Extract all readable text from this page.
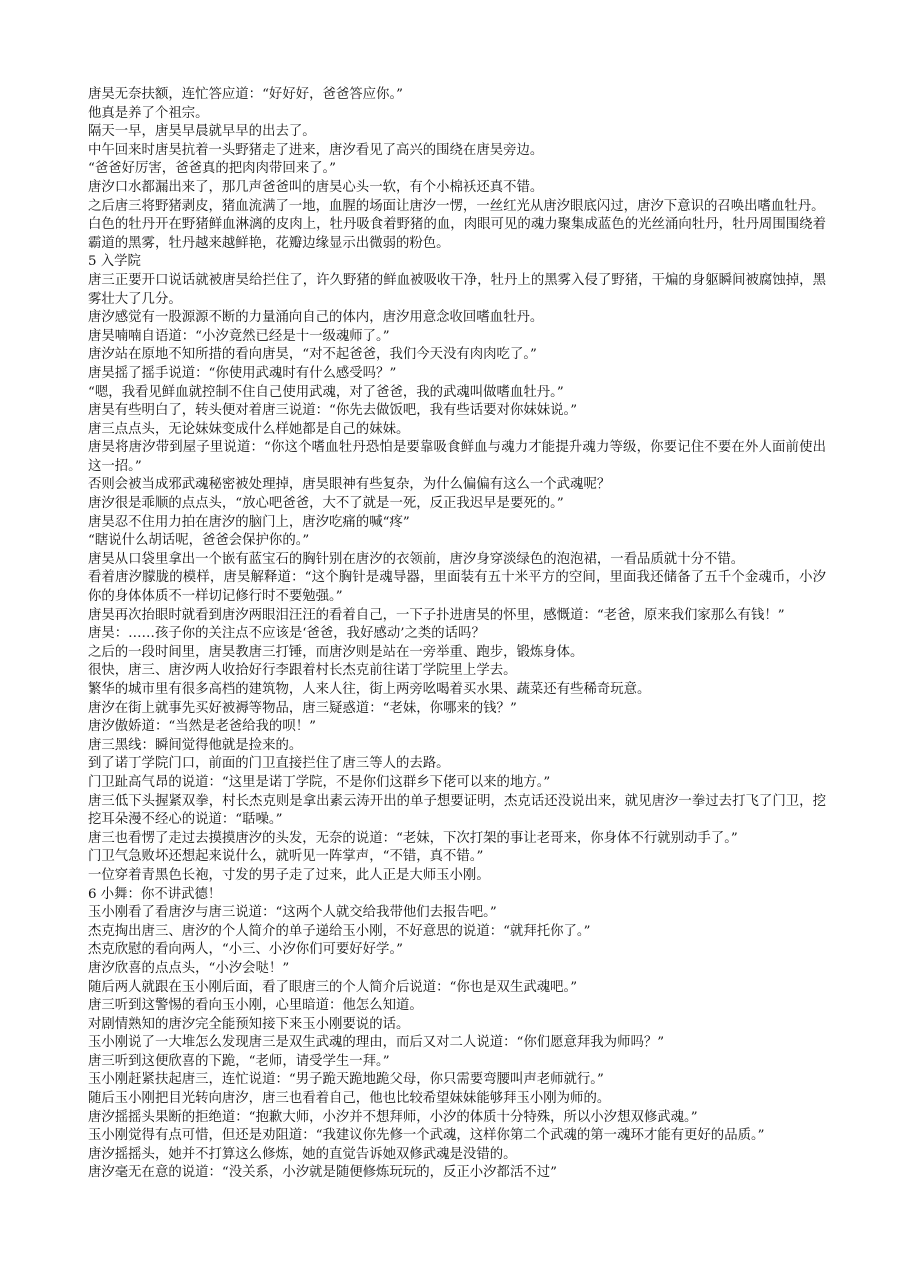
唐昊无奈扶额，连忙答应道：“好好好，爸爸答应你。”

他真是养了个祖宗。

隔天一早，唐昊早晨就早早的出去了。

中午回来时唐昊抗着一头野猪走了进来，唐汐看见了高兴的围绕在唐昊旁边。

“爸爸好厉害，爸爸真的把肉肉带回来了。”

唐汐口水都漏出来了，那几声爸爸叫的唐昊心头一软，有个小棉袄还真不错。

之后唐三将野猪剥皮，猪血流满了一地，血腥的场面让唐汐一愣，一丝红光从唐汐眼底闪过，唐汐下意识的召唤出嗜血牡丹。

白色的牡丹开在野猪鲜血淋漓的皮肉上，牡丹吸食着野猪的血，肉眼可见的魂力聚集成蓝色的光丝涌向牡丹，牡丹周围围绕着霸道的黑雾，牡丹越来越鲜艳，花瓣边缘显示出微弱的粉色。

5 入学院

唐三正要开口说话就被唐昊给拦住了，许久野猪的鲜血被吸收干净，牡丹上的黑雾入侵了野猪，干煸的身躯瞬间被腐蚀掉，黑雾壮大了几分。

唐汐感觉有一股源源不断的力量涌向自己的体内，唐汐用意念收回嗜血牡丹。

唐昊喃喃自语道：“小汐竟然已经是十一级魂师了。”

唐汐站在原地不知所措的看向唐昊，“对不起爸爸，我们今天没有肉肉吃了。”

唐昊摇了摇手说道：“你使用武魂时有什么感受吗？”

“嗯，我看见鲜血就控制不住自己使用武魂，对了爸爸，我的武魂叫做嗜血牡丹。”

唐昊有些明白了，转头便对着唐三说道：“你先去做饭吧，我有些话要对你妹妹说。”

唐三点点头，无论妹妹变成什么样她都是自己的妹妹。

唐昊将唐汐带到屋子里说道：“你这个嗜血牡丹恐怕是要靠吸食鲜血与魂力才能提升魂力等级，你要记住不要在外人面前使出这一招。”

否则会被当成邪武魂秘密被处理掉，唐昊眼神有些复杂，为什么偏偏有这么一个武魂呢？

唐汐很是乖顺的点点头，“放心吧爸爸，大不了就是一死，反正我迟早是要死的。”

唐昊忍不住用力拍在唐汐的脑门上，唐汐吃痛的喊“疼”

“瞎说什么胡话呢，爸爸会保护你的。”

唐昊从口袋里拿出一个嵌有蓝宝石的胸针别在唐汐的衣领前，唐汐身穿淡绿色的泡泡裙，一看品质就十分不错。

看着唐汐朦胧的模样，唐昊解释道：“这个胸针是魂导器，里面装有五十米平方的空间，里面我还储备了五千个金魂币，小汐你的身体体质不一样切记修行时不要勉强。”

唐昊再次抬眼时就看到唐汐两眼泪汪汪的看着自己，一下子扑进唐昊的怀里，感慨道：“老爸，原来我们家那么有钱！”

唐昊：……孩子你的关注点不应该是‘爸爸，我好感动’之类的话吗？

之后的一段时间里，唐昊教唐三打锤，而唐汐则是站在一旁举重、跑步，锻炼身体。

很快，唐三、唐汐两人收拾好行李跟着村长杰克前往诺丁学院里上学去。

繁华的城市里有很多高档的建筑物，人来人往，街上两旁吆喝着买水果、蔬菜还有些稀奇玩意。

唐汐在街上就事先买好被褥等物品，唐三疑惑道：“老妹，你哪来的钱？”

唐汐傲娇道：“当然是老爸给我的呗！”

唐三黑线：瞬间觉得他就是捡来的。

到了诺丁学院门口，前面的门卫直接拦住了唐三等人的去路。

门卫趾高气昂的说道：“这里是诺丁学院，不是你们这群乡下佬可以来的地方。”

唐三低下头握紧双拳，村长杰克则是拿出素云涛开出的单子想要证明，杰克话还没说出来，就见唐汐一拳过去打飞了门卫，挖挖耳朵漫不经心的说道：“聒噪。”

唐三也看愣了走过去摸摸唐汐的头发，无奈的说道：“老妹，下次打架的事让老哥来，你身体不行就别动手了。”

门卫气急败坏还想起来说什么，就听见一阵掌声，“不错，真不错。”

一位穿着青黑色长袍，寸发的男子走了过来，此人正是大师玉小刚。

6 小舞：你不讲武德！

玉小刚看了看唐汐与唐三说道：“这两个人就交给我带他们去报告吧。”

杰克掏出唐三、唐汐的个人简介的单子递给玉小刚，不好意思的说道：“就拜托你了。”

杰克欣慰的看向两人，“小三、小汐你们可要好好学。”

唐汐欣喜的点点头，“小汐会哒！”

随后两人就跟在玉小刚后面，看了眼唐三的个人简介后说道：“你也是双生武魂吧。”

唐三听到这警惕的看向玉小刚，心里暗道：他怎么知道。

对剧情熟知的唐汐完全能预知接下来玉小刚要说的话。

玉小刚说了一大堆怎么发现唐三是双生武魂的理由，而后又对二人说道：“你们愿意拜我为师吗？”

唐三听到这便欣喜的下跪，“老师，请受学生一拜。”

玉小刚赶紧扶起唐三，连忙说道：“男子跪天跪地跪父母，你只需要弯腰叫声老师就行。”

随后玉小刚把目光转向唐汐，唐三也看着自己，他也比较希望妹妹能够拜玉小刚为师的。

唐汐摇摇头果断的拒绝道：“抱歉大师，小汐并不想拜师，小汐的体质十分特殊，所以小汐想双修武魂。”

玉小刚觉得有点可惜，但还是劝阻道：“我建议你先修一个武魂，这样你第二个武魂的第一魂环才能有更好的品质。”

唐汐摇摇头，她并不打算这么修炼，她的直觉告诉她双修武魂是没错的。

唐汐毫无在意的说道：“没关系，小汐就是随便修炼玩玩的，反正小汐都活不过”
